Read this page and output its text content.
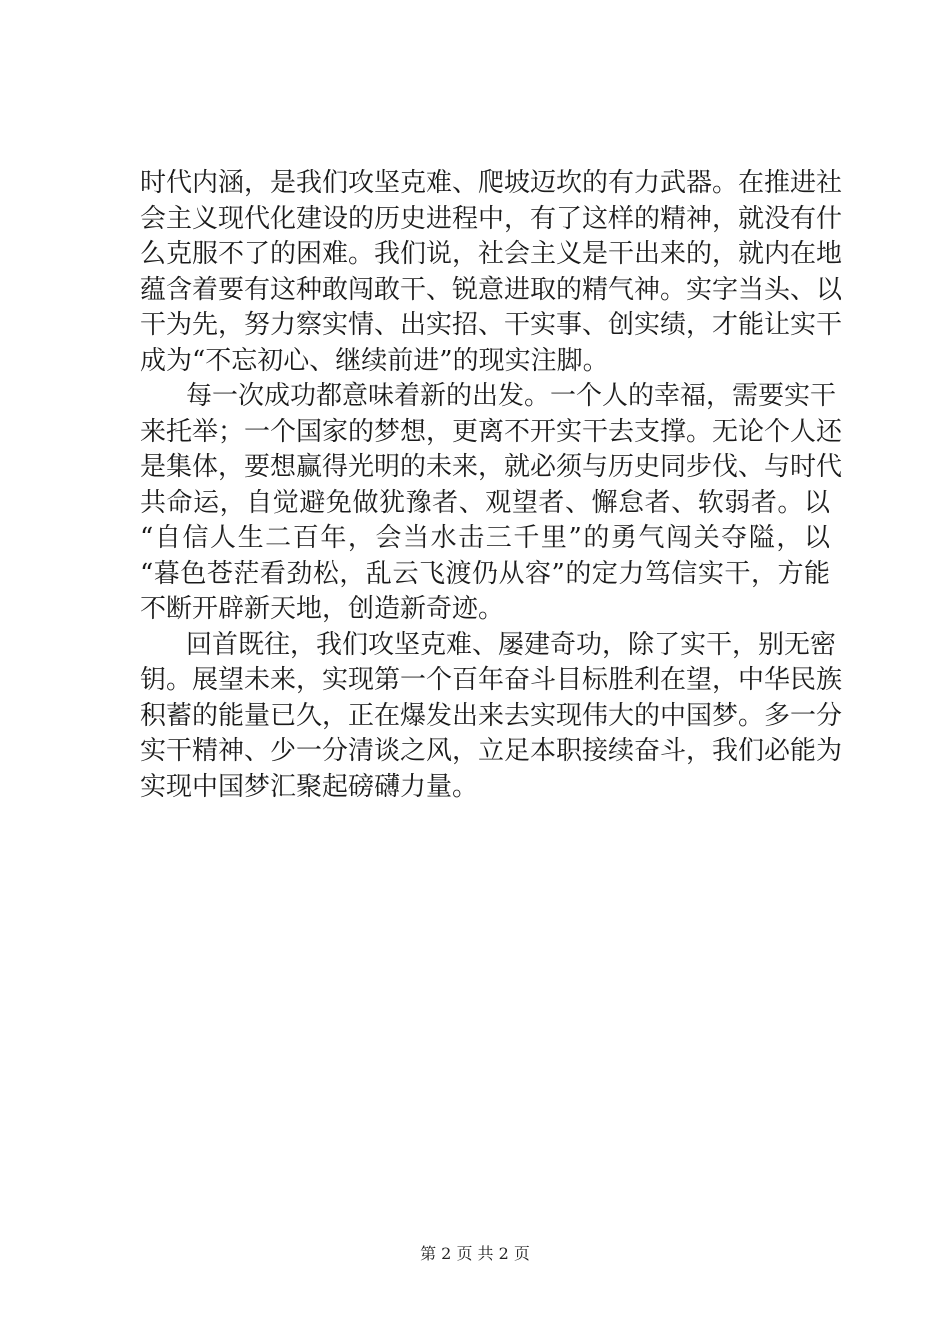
时代内涵，是我们攻坚克难、爬坡迈坎的有力武器。在推进社
会主义现代化建设的历史进程中，有了这样的精神，就没有什
么克服不了的困难。我们说，社会主义是干出来的，就内在地
蕴含着要有这种敢闯敢干、锐意进取的精气神。实字当头、以
干为先，努力察实情、出实招、干实事、创实绩，才能让实干
成为“不忘初心、继续前进”的现实注脚。
每一次成功都意味着新的出发。一个人的幸福，需要实干
来托举；一个国家的梦想，更离不开实干去支撑。无论个人还
是集体，要想赢得光明的未来，就必须与历史同步伐、与时代
共命运，自觉避免做犹豫者、观望者、懈怠者、软弱者。以
“自信人生二百年，会当水击三千里”的勇气闯关夺隘，以
“暮色苍茫看劲松，乱云飞渡仍从容”的定力笃信实干，方能
不断开辟新天地，创造新奇迹。
回首既往，我们攻坚克难、屡建奇功，除了实干，别无密
钥。展望未来，实现第一个百年奋斗目标胜利在望，中华民族
积蓄的能量已久，正在爆发出来去实现伟大的中国梦。多一分
实干精神、少一分清谈之风，立足本职接续奋斗，我们必能为
实现中国梦汇聚起磅礴力量。
第 2 页 共 2 页
